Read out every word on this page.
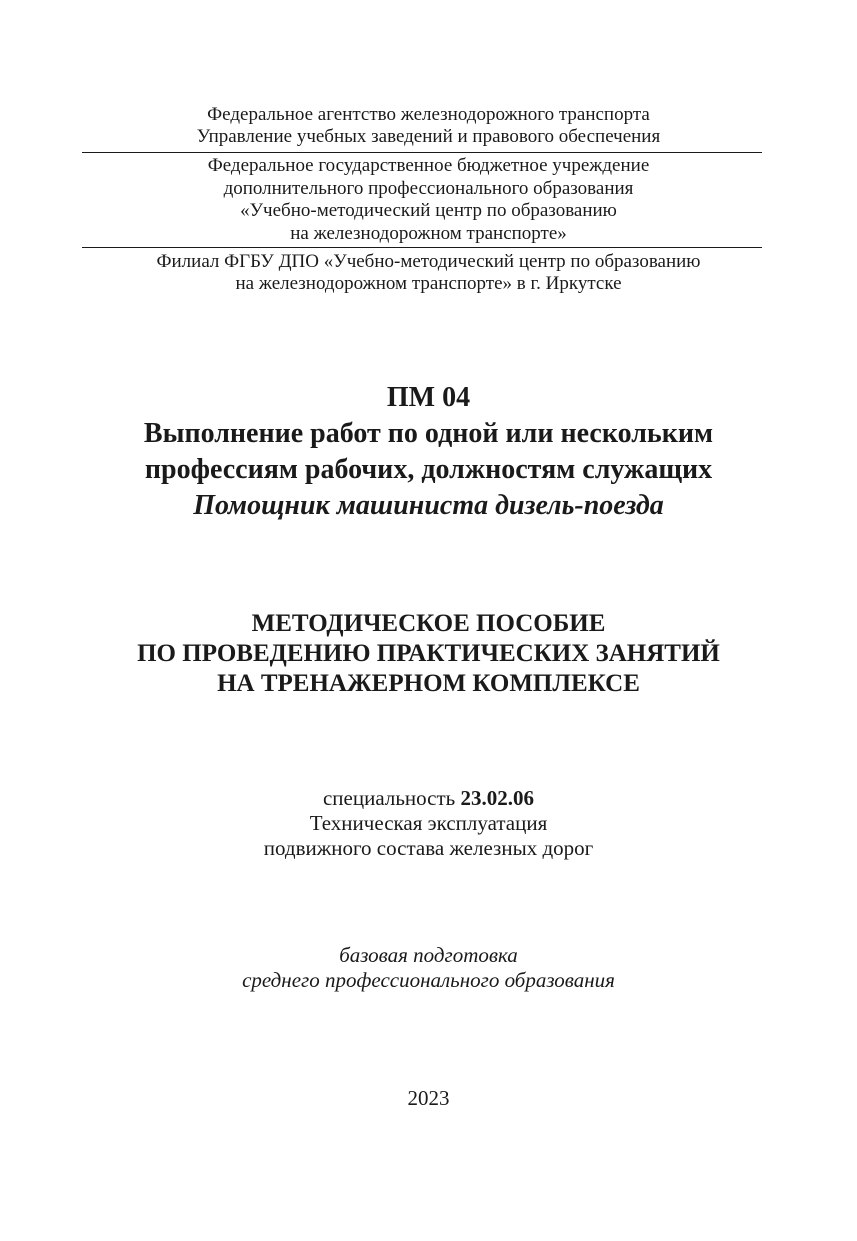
Федеральное агентство железнодорожного транспорта
Управление учебных заведений и правового обеспечения
Федеральное государственное бюджетное учреждение
дополнительного профессионального образования
«Учебно-методический центр по образованию
на железнодорожном транспорте»
Филиал ФГБУ ДПО «Учебно-методический центр по образованию
на железнодорожном транспорте» в г. Иркутске
ПМ 04
Выполнение работ по одной или нескольким
профессиям рабочих, должностям служащих
Помощник машиниста дизель-поезда
МЕТОДИЧЕСКОЕ ПОСОБИЕ
ПО ПРОВЕДЕНИЮ ПРАКТИЧЕСКИХ ЗАНЯТИЙ
НА ТРЕНАЖЕРНОМ КОМПЛЕКСЕ
специальность 23.02.06
Техническая эксплуатация
подвижного состава железных дорог
базовая подготовка
среднего профессионального образования
2023
